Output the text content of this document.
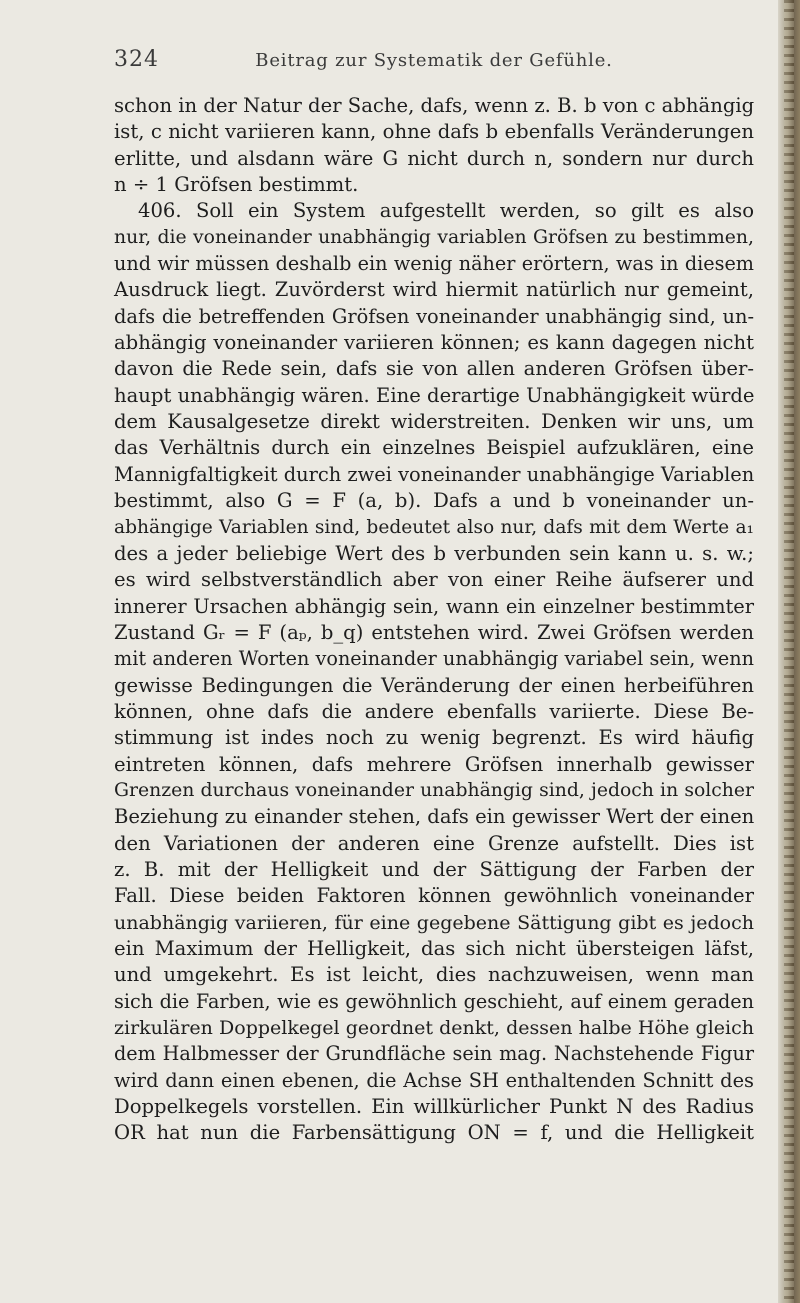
324	Beitrag zur Systematik der Gefühle.
schon in der Natur der Sache, dafs, wenn z. B. b von c abhängig
ist, c nicht variieren kann, ohne dafs b ebenfalls Veränderungen
erlitte, und alsdann wäre G nicht durch n, sondern nur durch
n ÷ 1 Gröfsen bestimmt.
406. Soll ein System aufgestellt werden, so gilt es also
nur, die voneinander unabhängig variablen Gröfsen zu bestimmen,
und wir müssen deshalb ein wenig näher erörtern, was in diesem
Ausdruck liegt. Zuvörderst wird hiermit natürlich nur gemeint,
dafs die betreffenden Gröfsen voneinander unabhängig sind, un-
abhängig voneinander variieren können; es kann dagegen nicht
davon die Rede sein, dafs sie von allen anderen Gröfsen über-
haupt unabhängig wären. Eine derartige Unabhängigkeit würde
dem Kausalgesetze direkt widerstreiten. Denken wir uns, um
das Verhältnis durch ein einzelnes Beispiel aufzuklären, eine
Mannigfaltigkeit durch zwei voneinander unabhängige Variablen
bestimmt, also G = F (a, b). Dafs a und b voneinander un-
abhängige Variablen sind, bedeutet also nur, dafs mit dem Werte a₁
des a jeder beliebige Wert des b verbunden sein kann u. s. w.;
es wird selbstverständlich aber von einer Reihe äufserer und
innerer Ursachen abhängig sein, wann ein einzelner bestimmter
Zustand Gᵣ = F (aₚ, b_q) entstehen wird. Zwei Gröfsen werden
mit anderen Worten voneinander unabhängig variabel sein, wenn
gewisse Bedingungen die Veränderung der einen herbeiführen
können, ohne dafs die andere ebenfalls variierte. Diese Be-
stimmung ist indes noch zu wenig begrenzt. Es wird häufig
eintreten können, dafs mehrere Gröfsen innerhalb gewisser
Grenzen durchaus voneinander unabhängig sind, jedoch in solcher
Beziehung zu einander stehen, dafs ein gewisser Wert der einen
den Variationen der anderen eine Grenze aufstellt. Dies ist
z. B. mit der Helligkeit und der Sättigung der Farben der
Fall. Diese beiden Faktoren können gewöhnlich voneinander
unabhängig variieren, für eine gegebene Sättigung gibt es jedoch
ein Maximum der Helligkeit, das sich nicht übersteigen läfst,
und umgekehrt. Es ist leicht, dies nachzuweisen, wenn man
sich die Farben, wie es gewöhnlich geschieht, auf einem geraden
zirkulären Doppelkegel geordnet denkt, dessen halbe Höhe gleich
dem Halbmesser der Grundfläche sein mag. Nachstehende Figur
wird dann einen ebenen, die Achse SH enthaltenden Schnitt des
Doppelkegels vorstellen. Ein willkürlicher Punkt N des Radius
OR hat nun die Farbensättigung ON = f, und die Helligkeit
